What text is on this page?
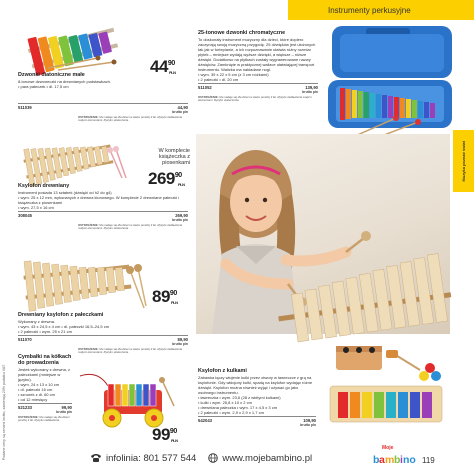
Podane ceny są cenami brutto, zawierają 23% podatku VAT.
Instrumenty perkusyjne
Muzyka poznać świat
$44^{90}$
PLN
Dzwonki diatoniczne małe
8-tonowe dzwoneczki na drewnianych podstawkach.
• para pałeczek • dl. 17,5 cm
511039	44,90
brutto pln
OSTRZEŻENIE: Nie nadaje się dla dzieci w wieku poniżej 3 lat. Ryzyko zadławienia małymi elementami. Ryzyko skaleczenia.
25-tonowe dzwonki chromatyczne
To doskonały instrument muzyczny dla dzieci, które dopiero zaczynają swoją muzyczną przygodę. 25 dźwięków jest ułożonych tak jak w fortepianie, a ich rozpoznawanie ułatwia różny rozmiar płytek – mniejsze wydają wyższe dźwięki, a większe – niższe dźwięki. Dodatkowo na płytkach zostały wygrawerowane nazwy dźwięków. Zamknięte w praktycznej walizce ułatwiającej transport instrumentu. Walizka ma nakładane nogi.
• wym. 39 x 22 x 5 cm (z 3 cm nóżkami)
• 2 pałeczki • dl. 20 cm
511052	139,90
brutto pln
OSTRZEŻENIE: Nie nadaje się dla dzieci w wieku poniżej 3 lat. Ryzyko zadławienia małymi elementami. Ryzyko skaleczenia.
W komplecie
książeczka z piosenkami
$269^{90}$
PLN
Ksylofon drewniany
Instrument posiada 13 sztabek (dźwięki od h2 do g4)
• wym. 25 x 12 mm, wykonanych z drewna klonowego. W komplecie 2 drewniane pałeczki i książeczka z piosenkami
• wym. 27,5 x 16 cm
308045	269,90
brutto pln
OSTRZEŻENIE: Nie nadaje się dla dzieci w wieku poniżej 3 lat. Ryzyko zadławienia małymi elementami. Ryzyko skaleczenia.
$89^{90}$
PLN
Drewniany ksylofon z pałeczkami
Wykonany z drewna.
• wym. 43 x 24,5 x 4 cm • dl. pałeczki 16,5–24,5 cm
• 2 pałeczki • wym. 25 x 21 cm
511070	89,90
brutto pln
OSTRZEŻENIE: Nie nadaje się dla dzieci w wieku poniżej 3 lat. Ryzyko zadławienia małymi elementami. Ryzyko skaleczenia.
Cymbałki na kółkach do prowadzenia
Jesteś wykonany z drewna, z pałeczkami (mniejsze w języku).
• wym. 24 x 13 x 10 cm
• dl. pałeczki 16 cm
• sznurek z dl. 60 cm
• od 12 miesięcy
521233	99,90
brutto pln
OSTRZEŻENIE: Nie nadaje się dla dzieci poniżej 3 lat. Ryzyko zadławienia.
$99^{90}$
PLN
Ksylofon z kulkami
Zabawka łączy włojenie kulki przez otwory w ławreczce z grą na ksylofonie. Gdy wkłojony kulki, spadą na ksylofon wydając różne dźwięki. Ksylofon można również wyjąć i używać go jako osobnego instrumentu.
• ławreczka • wym. 23,6 (28 z wbitymi kulkami)
• kulki • wym. 25,8 x 10 x 2 cm
• drewniana pałeczka • wym. 17 x 4,5 x 3 cm
• 2 pałeczki • wym. 2,9 x 2,9 x 1,7 cm
542043	109,90
brutto pln
infolinia: 801 577 544	www.mojebambino.pl
Moje
b a m b i no 119
